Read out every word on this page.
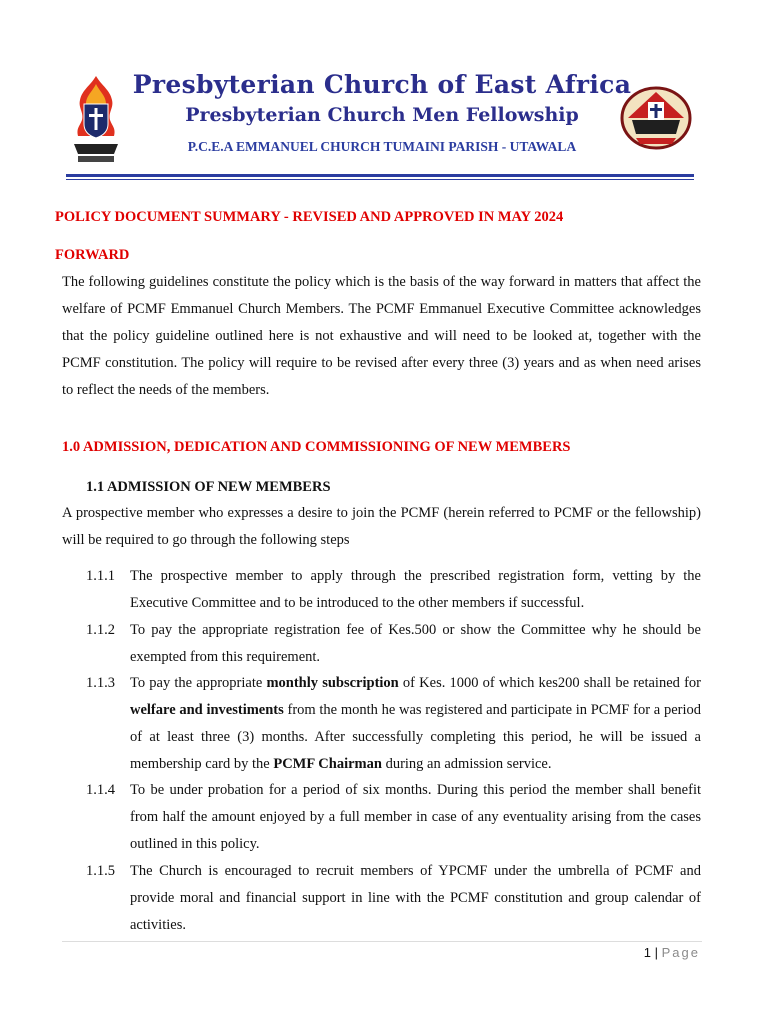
Presbyterian Church of East Africa
Presbyterian Church Men Fellowship
P.C.E.A EMMANUEL CHURCH TUMAINI PARISH - UTAWALA
POLICY DOCUMENT SUMMARY - REVISED AND APPROVED IN MAY 2024
FORWARD
The following guidelines constitute the policy which is the basis of the way forward in matters that affect the welfare of PCMF Emmanuel Church Members. The PCMF Emmanuel Executive Committee acknowledges that the policy guideline outlined here is not exhaustive and will need to be looked at, together with the PCMF constitution. The policy will require to be revised after every three (3) years and as when need arises to reflect the needs of the members.
1.0 ADMISSION, DEDICATION AND COMMISSIONING OF NEW MEMBERS
1.1 ADMISSION OF NEW MEMBERS
A prospective member who expresses a desire to join the PCMF (herein referred to PCMF or the fellowship) will be required to go through the following steps
1.1.1	The prospective member to apply through the prescribed registration form, vetting by the Executive Committee and to be introduced to the other members if successful.
1.1.2	To pay the appropriate registration fee of Kes.500 or show the Committee why he should be exempted from this requirement.
1.1.3	To pay the appropriate monthly subscription of Kes. 1000 of which kes200 shall be retained for welfare and investiments from the month he was registered and participate in PCMF for a period of at least three (3) months. After successfully completing this period, he will be issued a membership card by the PCMF Chairman during an admission service.
1.1.4	To be under probation for a period of six months. During this period the member shall benefit from half the amount enjoyed by a full member in case of any eventuality arising from the cases outlined in this policy.
1.1.5	The Church is encouraged to recruit members of YPCMF under the umbrella of PCMF and provide moral and financial support in line with the PCMF constitution and group calendar of activities.
1 | Page
